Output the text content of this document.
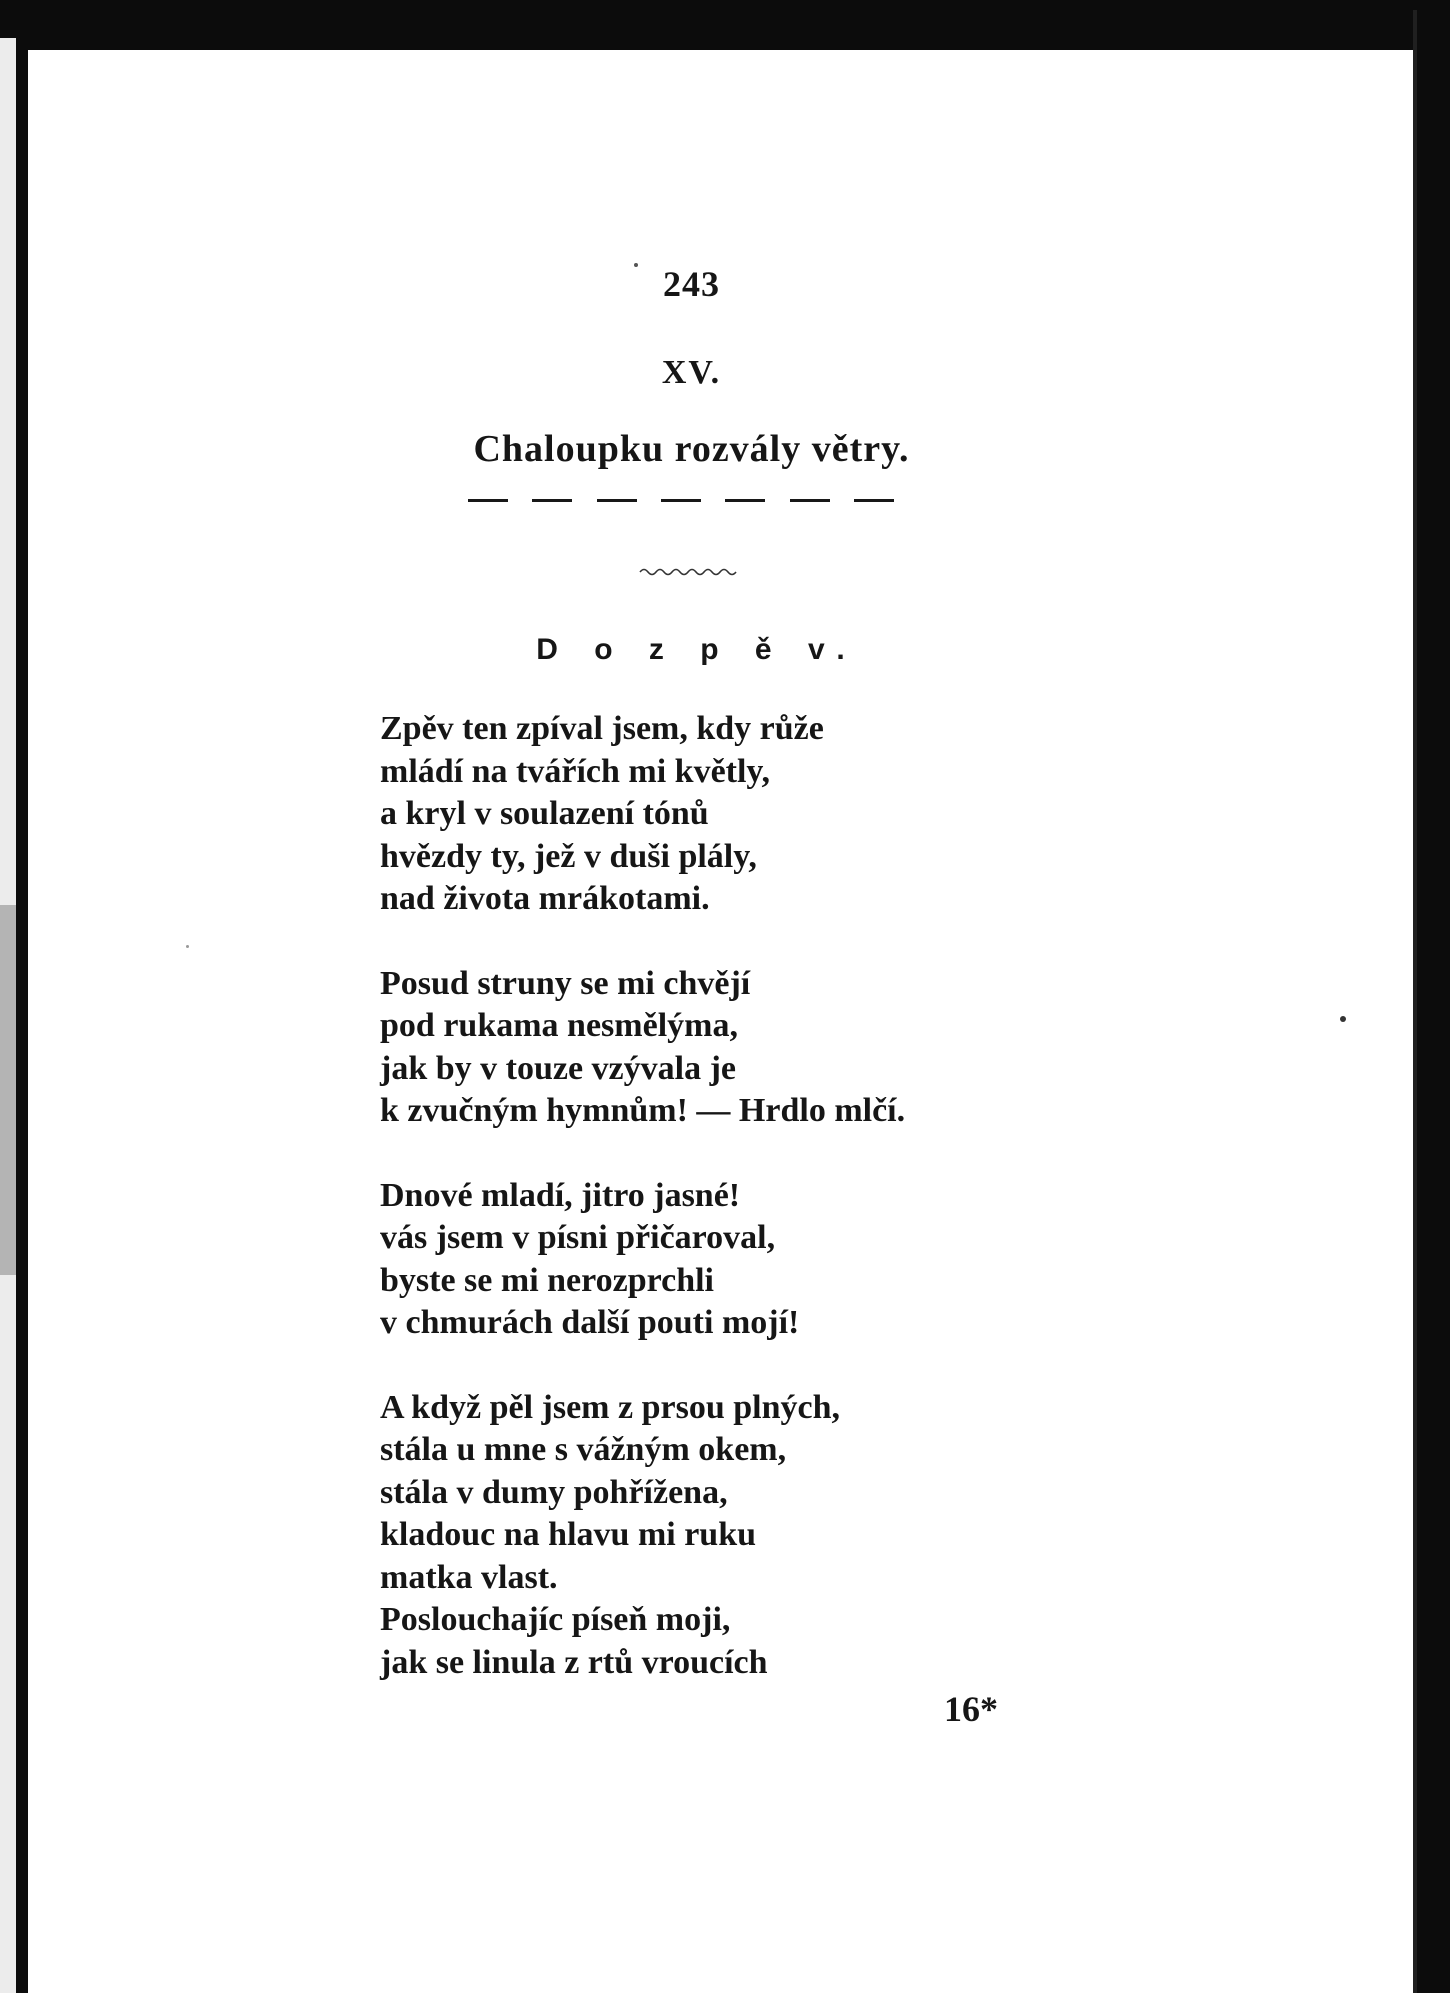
243
XV.
Chaloupku rozvály větry.
D o z p ě v.
Zpěv ten zpíval jsem, kdy růže
mládí na tvářích mi květly,
a kryl v soulazení tónů
hvězdy ty, jež v duši plály,
nad života mrákotami.
Posud struny se mi chvějí
pod rukama nesmělýma,
jak by v touze vzývala je
k zvučným hymnům! — Hrdlo mlčí.
Dnové mladí, jitro jasné!
vás jsem v písni přičaroval,
byste se mi nerozprchli
v chmurách další pouti mojí!
A když pěl jsem z prsou plných,
stála u mne s vážným okem,
stála v dumy pohřížena,
kladouc na hlavu mi ruku
matka vlast.
Poslouchajíc píseň moji,
jak se linula z rtů vroucích
16*
